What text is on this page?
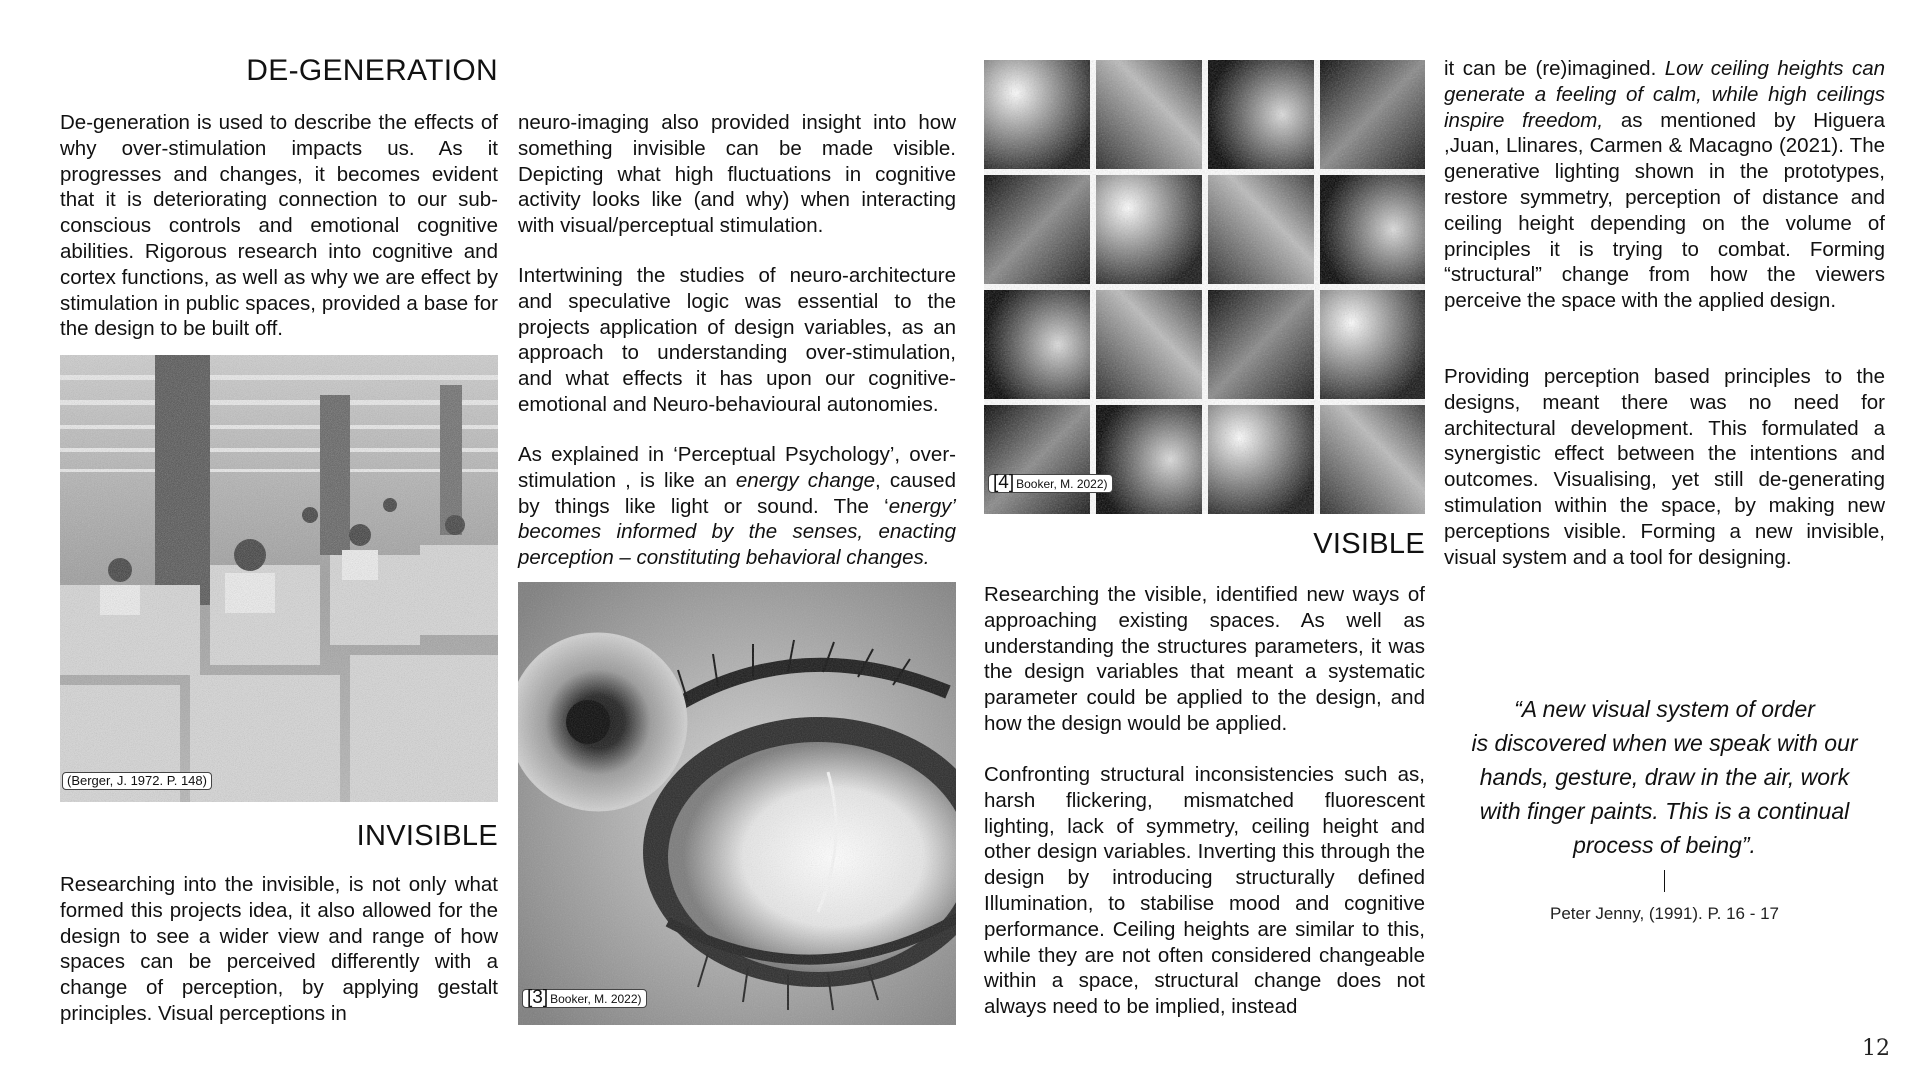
DE-GENERATION

De-generation is used to describe the effects of why over-stimulation impacts us. As it progresses and changes, it becomes evident that it is deteriorating connection to our sub-conscious controls and emotional cognitive abilities. Rigorous research into cognitive and cortex functions, as well as why we are effect by stimulation in public spaces, provided a base for the design to be built off.

(Berger, J. 1972. P. 148)
INVISIBLE

Researching into the invisible, is not only what formed this projects idea, it also allowed for the design to see a wider view and range of how spaces can be perceived differently with a change of perception, by applying gestalt principles. Visual perceptions in

neuro-imaging also provided insight into how something invisible can be made visible. Depicting what high fluctuations in cognitive activity looks like (and why) when interacting with visual/perceptual stimulation.

Intertwining the studies of neuro-architecture and speculative logic was essential to the projects application of design variables, as an approach to understanding over-stimulation, and what effects it has upon our cognitive-emotional and Neuro-behavioural autonomies.

As explained in ‘Perceptual Psychology’, over-stimulation , is like an energy change, caused by things like light or sound. The ‘energy’ becomes informed by the senses, enacting perception – constituting behavioral changes.

[3] Booker, M. 2022)
[4] Booker, M. 2022)
VISIBLE

Researching the visible, identified new ways of approaching existing spaces. As well as understanding the structures parameters, it was the design variables that meant a systematic parameter could be applied to the design, and how the design would be applied.

Confronting structural inconsistencies such as, harsh flickering, mismatched fluorescent lighting, lack of symmetry, ceiling height and other design variables. Inverting this through the design by introducing structurally defined Illumination, to stabilise mood and cognitive performance. Ceiling heights are similar to this, while they are not often considered changeable within a space, structural change does not always need to be implied, instead

it can be (re)imagined. Low ceiling heights can generate a feeling of calm, while high ceilings inspire freedom, as mentioned by Higuera ,Juan, Llinares, Carmen & Macagno (2021). The generative lighting shown in the prototypes, restore symmetry, perception of distance and ceiling height depending on the volume of principles it is trying to combat. Forming “structural” change from how the viewers perceive the space with the applied design.

Providing perception based principles to the designs, meant there was no need for architectural development. This formulated a synergistic effect between the intentions and outcomes. Visualising, yet still de-generating stimulation within the space, by making new perceptions visible. Forming a new invisible, visual system and a tool for designing.

“A new visual system of order
is discovered when we speak with our
hands, gesture, draw in the air, work
with finger paints. This is a continual
process of being”.
Peter Jenny, (1991). P. 16 - 17
12
